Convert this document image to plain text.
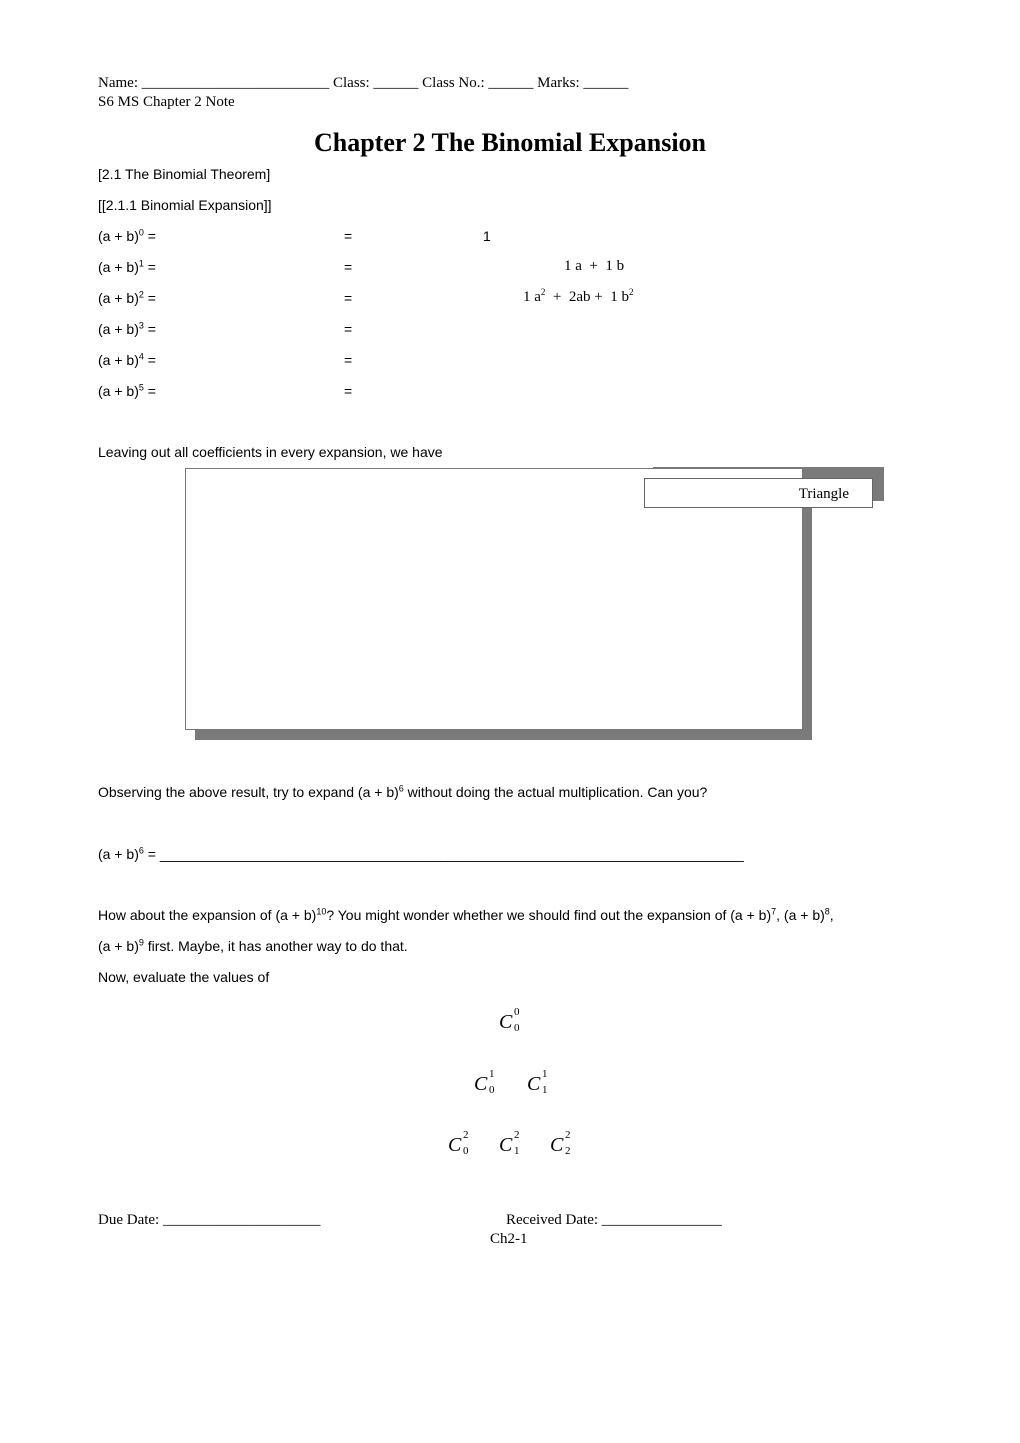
Name: _________________________ Class: ______ Class No.: ______ Marks: ______
S6 MS Chapter 2 Note
Chapter 2 The Binomial Expansion
[2.1 The Binomial Theorem]
[[2.1.1 Binomial Expansion]]
$(a + b)^0$ =	=	1
$(a + b)^1$ =	=	1 a  +  1 b
$(a + b)^2$ =	=	1 $a^2 + 2ab + 1$ $b^2$
$(a + b)^3$ =	=
$(a + b)^4$ =	=
$(a + b)^5$ =	=
Leaving out all coefficients in every expansion, we have
Triangle
Observing the above result, try to expand $(a + b)^6$ without doing the actual multiplication. Can you?
$(a + b)^6$ = ___________________________________________________________________________
How about the expansion of $(a + b)^{10}$? You might wonder whether we should find out the expansion of $(a + b)^7$, $(a + b)^8$,
$(a + b)^9$ first. Maybe, it has another way to do that.
Now, evaluate the values of
C 0
0
C 1
0 C 1
1
C 2
0 C 2
1 C 2
2
Due Date: _____________________	Received Date: ________________
Ch2-1
